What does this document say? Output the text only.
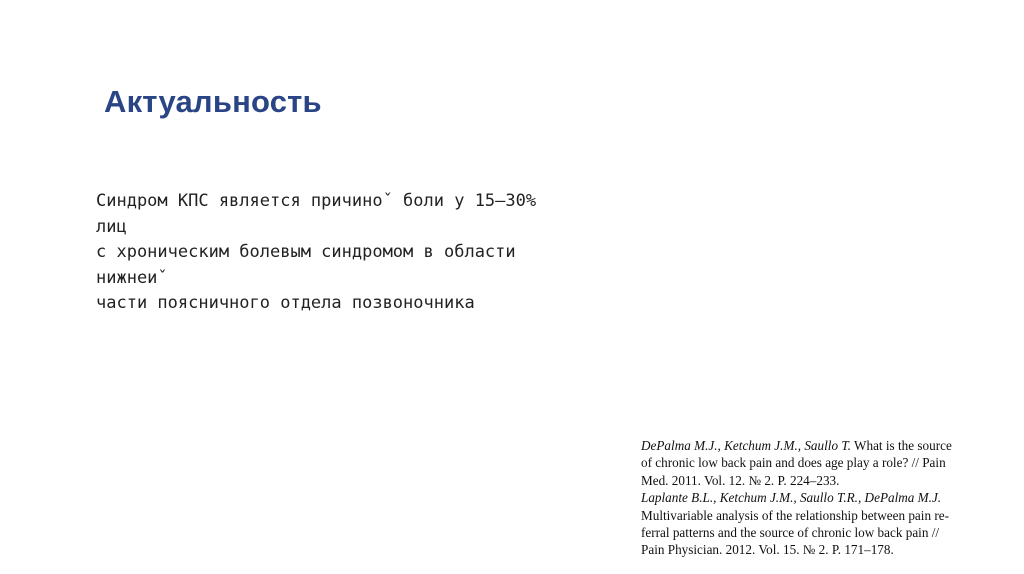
Актуальность
Синдром КПС является причиноˇ боли у 15–30%
лиц
с хроническим болевым синдромом в области
нижнеиˇ
части поясничного отдела позвоночника
DePalma M.J., Ketchum J.M., Saullo T. What is the source
of chronic low back pain and does age play a role? // Pain
Med. 2011. Vol. 12. № 2. P. 224–233.
Laplante B.L., Ketchum J.M., Saullo T.R., DePalma M.J.
Multivariable analysis of the relationship between pain re-
ferral patterns and the source of chronic low back pain //
Pain Physician. 2012. Vol. 15. № 2. P. 171–178.
